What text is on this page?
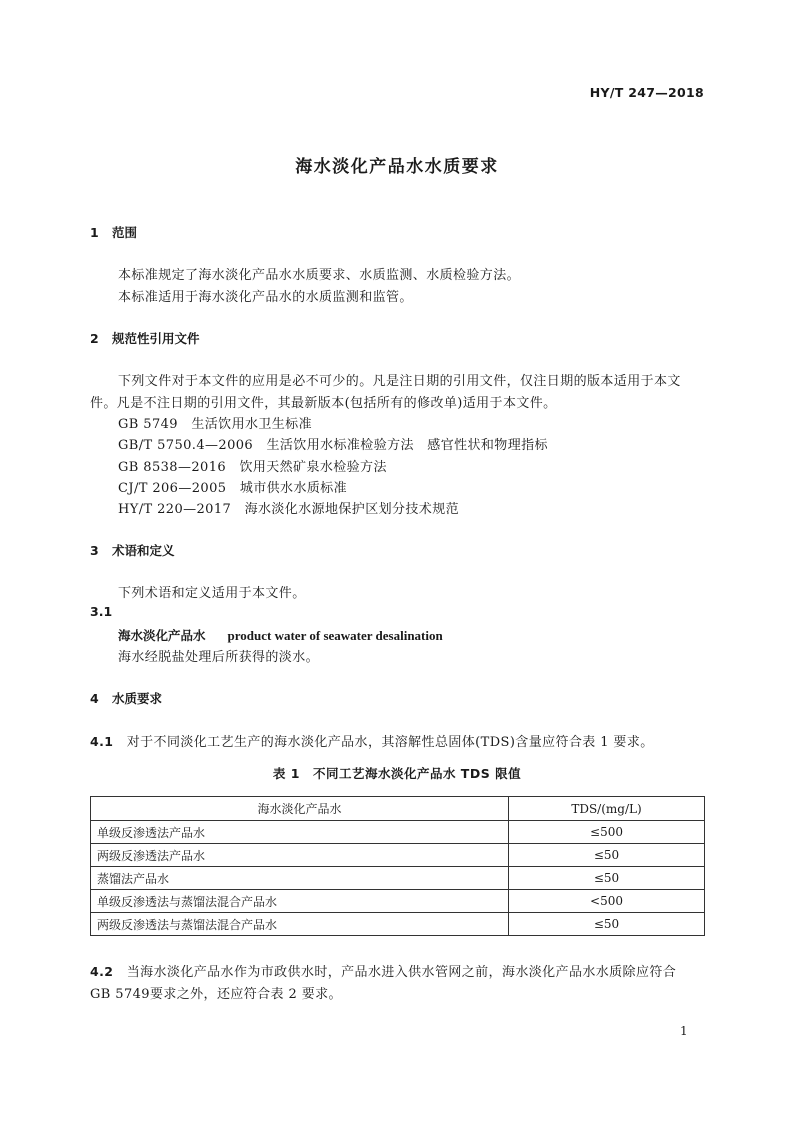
HY/T 247—2018
海水淡化产品水水质要求
1 范围
本标准规定了海水淡化产品水水质要求、水质监测、水质检验方法。
本标准适用于海水淡化产品水的水质监测和监管。
2 规范性引用文件
下列文件对于本文件的应用是必不可少的。凡是注日期的引用文件，仅注日期的版本适用于本文
件。凡是不注日期的引用文件，其最新版本(包括所有的修改单)适用于本文件。
GB 5749　 生活饮用水卫生标准
GB/T 5750.4—2006　 生活饮用水标准检验方法　感官性状和物理指标
GB 8538—2016　 饮用天然矿泉水检验方法
CJ/T 206—2005　 城市供水水质标准
HY/T 220—2017　 海水淡化水源地保护区划分技术规范
3 术语和定义
下列术语和定义适用于本文件。
3.1
海水淡化产品水 product water of seawater desalination
海水经脱盐处理后所获得的淡水。
4 水质要求
4.1　 对于不同淡化工艺生产的海水淡化产品水，其溶解性总固体(TDS)含量应符合表 1 要求。
表 1　不同工艺海水淡化产品水 TDS 限值
海水淡化产品水	TDS/(mg/L)
单级反渗透法产品水	≤500
两级反渗透法产品水	≤50
蒸馏法产品水	≤50
单级反渗透法与蒸馏法混合产品水	<500
两级反渗透法与蒸馏法混合产品水	≤50
4.2　 当海水淡化产品水作为市政供水时，产品水进入供水管网之前，海水淡化产品水水质除应符合
GB 5749要求之外，还应符合表 2 要求。
1
